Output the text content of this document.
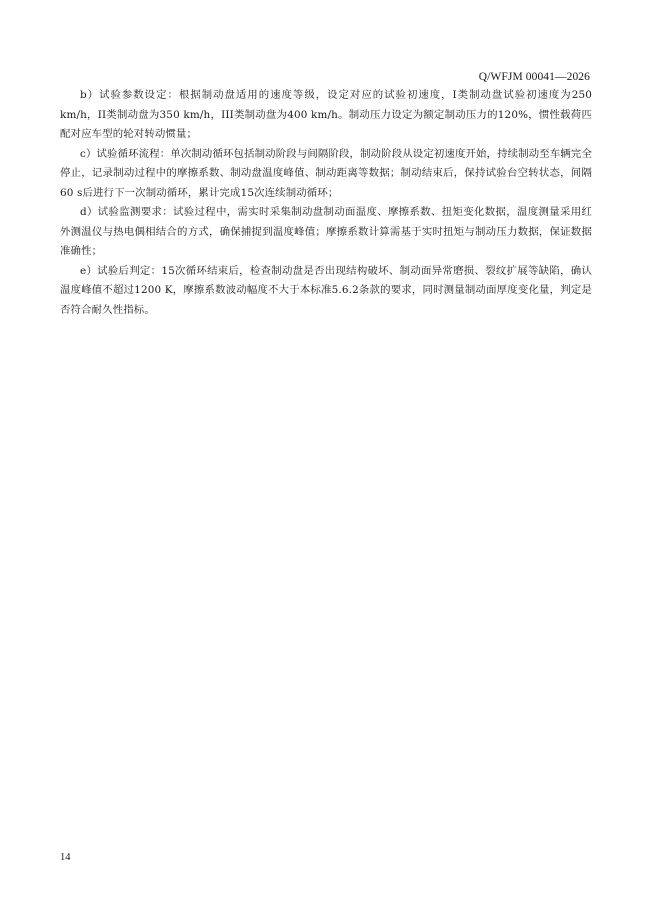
Q/WFJM 00041—2026

b）试验参数设定：根据制动盘适用的速度等级，设定对应的试验初速度，I类制动盘试验初速度为250 km/h，II类制动盘为350 km/h，III类制动盘为400 km/h。制动压力设定为额定制动压力的120%，惯性载荷匹配对应车型的轮对转动惯量；

c）试验循环流程：单次制动循环包括制动阶段与间隔阶段，制动阶段从设定初速度开始，持续制动至车辆完全停止，记录制动过程中的摩擦系数、制动盘温度峰值、制动距离等数据；制动结束后，保持试验台空转状态，间隔60 s后进行下一次制动循环，累计完成15次连续制动循环；

d）试验监测要求：试验过程中，需实时采集制动盘制动面温度、摩擦系数、扭矩变化数据，温度测量采用红外测温仪与热电偶相结合的方式，确保捕捉到温度峰值；摩擦系数计算需基于实时扭矩与制动压力数据，保证数据准确性；

e）试验后判定：15次循环结束后，检查制动盘是否出现结构破坏、制动面异常磨损、裂纹扩展等缺陷，确认温度峰值不超过1200 K，摩擦系数波动幅度不大于本标准5.6.2条款的要求，同时测量制动面厚度变化量，判定是否符合耐久性指标。

14
